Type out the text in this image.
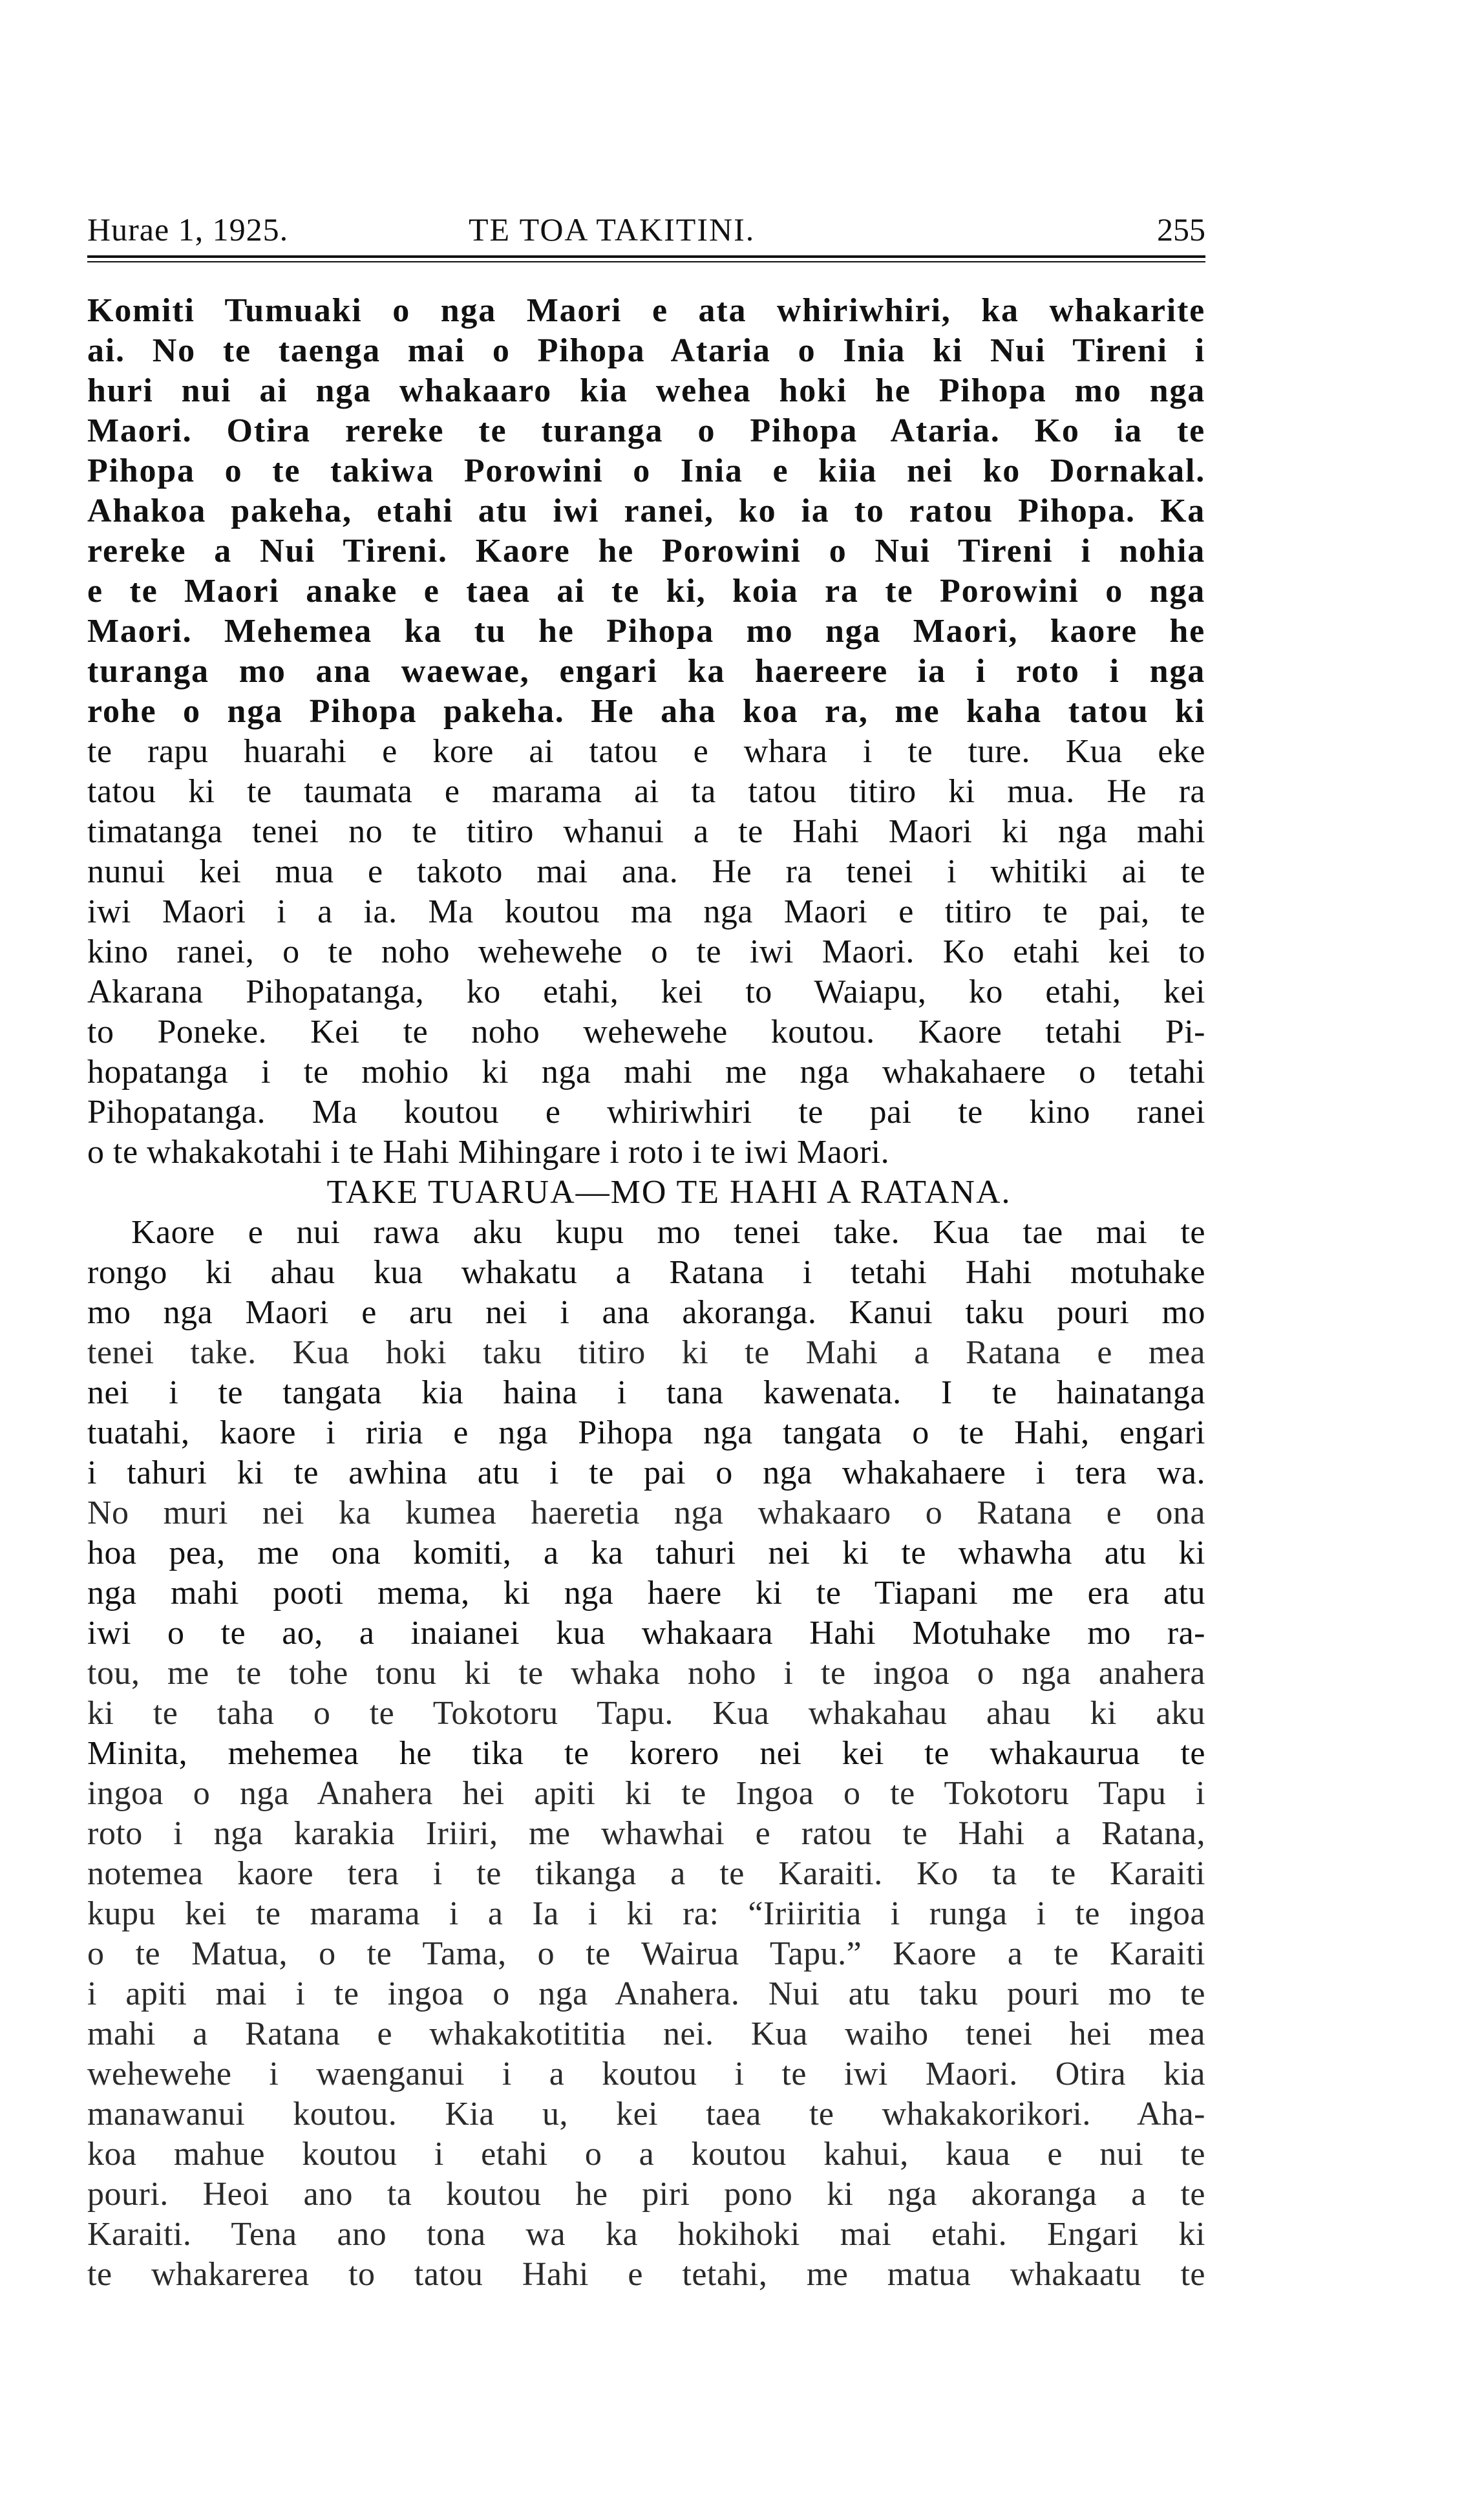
Hurae 1, 1925.	TE TOA TAKITINI.	255
Komiti Tumuaki o nga Maori e ata whiriwhiri, ka whakarite
ai. No te taenga mai o Pihopa Ataria o Inia ki Nui Tireni i
huri nui ai nga whakaaro kia wehea hoki he Pihopa mo nga
Maori. Otira rereke te turanga o Pihopa Ataria. Ko ia te
Pihopa o te takiwa Porowini o Inia e kiia nei ko Dornakal.
Ahakoa pakeha, etahi atu iwi ranei, ko ia to ratou Pihopa. Ka
rereke a Nui Tireni. Kaore he Porowini o Nui Tireni i nohia
e te Maori anake e taea ai te ki, koia ra te Porowini o nga
Maori. Mehemea ka tu he Pihopa mo nga Maori, kaore he
turanga mo ana waewae, engari ka haereere ia i roto i nga
rohe o nga Pihopa pakeha. He aha koa ra, me kaha tatou ki
te rapu huarahi e kore ai tatou e whara i te ture. Kua eke
tatou ki te taumata e marama ai ta tatou titiro ki mua. He ra
timatanga tenei no te titiro whanui a te Hahi Maori ki nga mahi
nunui kei mua e takoto mai ana. He ra tenei i whitiki ai te
iwi Maori i a ia. Ma koutou ma nga Maori e titiro te pai, te
kino ranei, o te noho wehewehe o te iwi Maori. Ko etahi kei to
Akarana Pihopatanga, ko etahi, kei to Waiapu, ko etahi, kei
to Poneke. Kei te noho wehewehe koutou. Kaore tetahi Pi-
hopatanga i te mohio ki nga mahi me nga whakahaere o tetahi
Pihopatanga. Ma koutou e whiriwhiri te pai te kino ranei
o te whakakotahi i te Hahi Mihingare i roto i te iwi Maori.
TAKE TUARUA—MO TE HAHI A RATANA.
Kaore e nui rawa aku kupu mo tenei take. Kua tae mai te
rongo ki ahau kua whakatu a Ratana i tetahi Hahi motuhake
mo nga Maori e aru nei i ana akoranga. Kanui taku pouri mo
tenei take. Kua hoki taku titiro ki te Mahi a Ratana e mea
nei i te tangata kia haina i tana kawenata. I te hainatanga
tuatahi, kaore i riria e nga Pihopa nga tangata o te Hahi, engari
i tahuri ki te awhina atu i te pai o nga whakahaere i tera wa.
No muri nei ka kumea haeretia nga whakaaro o Ratana e ona
hoa pea, me ona komiti, a ka tahuri nei ki te whawha atu ki
nga mahi pooti mema, ki nga haere ki te Tiapani me era atu
iwi o te ao, a inaianei kua whakaara Hahi Motuhake mo ra-
tou, me te tohe tonu ki te whaka noho i te ingoa o nga anahera
ki te taha o te Tokotoru Tapu. Kua whakahau ahau ki aku
Minita, mehemea he tika te korero nei kei te whakaurua te
ingoa o nga Anahera hei apiti ki te Ingoa o te Tokotoru Tapu i
roto i nga karakia Iriiri, me whawhai e ratou te Hahi a Ratana,
notemea kaore tera i te tikanga a te Karaiti. Ko ta te Karaiti
kupu kei te marama i a Ia i ki ra: “Iriiritia i runga i te ingoa
o te Matua, o te Tama, o te Wairua Tapu.” Kaore a te Karaiti
i apiti mai i te ingoa o nga Anahera. Nui atu taku pouri mo te
mahi a Ratana e whakakotititia nei. Kua waiho tenei hei mea
wehewehe i waenganui i a koutou i te iwi Maori. Otira kia
manawanui koutou. Kia u, kei taea te whakakorikori. Aha-
koa mahue koutou i etahi o a koutou kahui, kaua e nui te
pouri. Heoi ano ta koutou he piri pono ki nga akoranga a te
Karaiti. Tena ano tona wa ka hokihoki mai etahi. Engari ki
te whakarerea to tatou Hahi e tetahi, me matua whakaatu te
